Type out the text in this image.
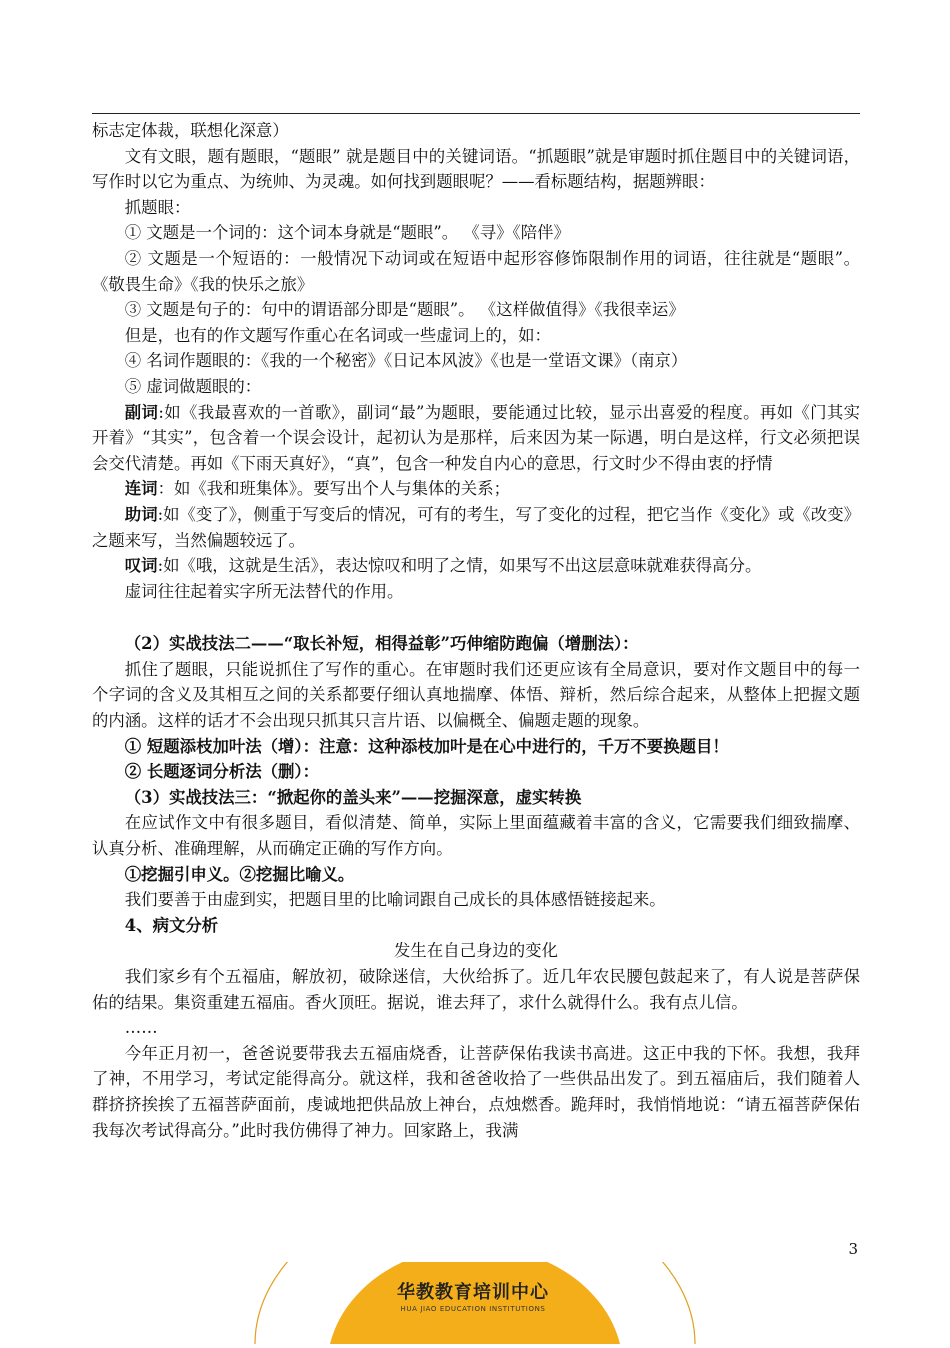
标志定体裁，联想化深意）

文有文眼，题有题眼，“题眼” 就是题目中的关键词语。“抓题眼”就是审题时抓住题目中的关键词语，写作时以它为重点、为统帅、为灵魂。如何找到题眼呢？——看标题结构，据题辨眼：

抓题眼：

① 文题是一个词的：这个词本身就是“题眼”。 《寻》《陪伴》

② 文题是一个短语的：一般情况下动词或在短语中起形容修饰限制作用的词语，往往就是“题眼”。 《敬畏生命》《我的快乐之旅》

③ 文题是句子的：句中的谓语部分即是“题眼”。 《这样做值得》《我很幸运》

但是，也有的作文题写作重心在名词或一些虚词上的，如：

④ 名词作题眼的：《我的一个秘密》《日记本风波》《也是一堂语文课》（南京）

⑤ 虚词做题眼的：

副词:如《我最喜欢的一首歌》，副词“最”为题眼，要能通过比较，显示出喜爱的程度。再如《门其实开着》“其实”，包含着一个误会设计，起初认为是那样，后来因为某一际遇，明白是这样，行文必须把误会交代清楚。再如《下雨天真好》，“真”，包含一种发自内心的意思，行文时少不得由衷的抒情

连词：如《我和班集体》。要写出个人与集体的关系；

助词:如《变了》，侧重于写变后的情况，可有的考生，写了变化的过程，把它当作《变化》或《改变》之题来写，当然偏题较远了。

叹词:如《哦，这就是生活》，表达惊叹和明了之情，如果写不出这层意味就难获得高分。

虚词往往起着实字所无法替代的作用。

（2）实战技法二——“取长补短，相得益彰”巧伸缩防跑偏（增删法）：

抓住了题眼，只能说抓住了写作的重心。在审题时我们还更应该有全局意识，要对作文题目中的每一个字词的含义及其相互之间的关系都要仔细认真地揣摩、体悟、辩析，然后综合起来，从整体上把握文题的内涵。这样的话才不会出现只抓其只言片语、以偏概全、偏题走题的现象。

① 短题添枝加叶法（增）：注意：这种添枝加叶是在心中进行的，千万不要换题目！

② 长题逐词分析法（删）：

（3）实战技法三：“掀起你的盖头来”——挖掘深意，虚实转换

在应试作文中有很多题目，看似清楚、简单，实际上里面蕴藏着丰富的含义，它需要我们细致揣摩、认真分析、准确理解，从而确定正确的写作方向。

①挖掘引申义。②挖掘比喻义。

我们要善于由虚到实，把题目里的比喻词跟自己成长的具体感悟链接起来。

4、病文分析

发生在自己身边的变化

我们家乡有个五福庙，解放初，破除迷信，大伙给拆了。近几年农民腰包鼓起来了，有人说是菩萨保佑的结果。集资重建五福庙。香火顶旺。据说，谁去拜了，求什么就得什么。我有点儿信。

……

今年正月初一，爸爸说要带我去五福庙烧香，让菩萨保佑我读书高进。这正中我的下怀。我想，我拜了神，不用学习，考试定能得高分。就这样，我和爸爸收拾了一些供品出发了。到五福庙后，我们随着人群挤挤挨挨了五福菩萨面前，虔诚地把供品放上神台，点烛燃香。跪拜时，我悄悄地说：“请五福菩萨保佑我每次考试得高分。”此时我仿佛得了神力。回家路上，我满

3
华教教育培训中心
HUA JIAO EDUCATION INSTITUTIONS
